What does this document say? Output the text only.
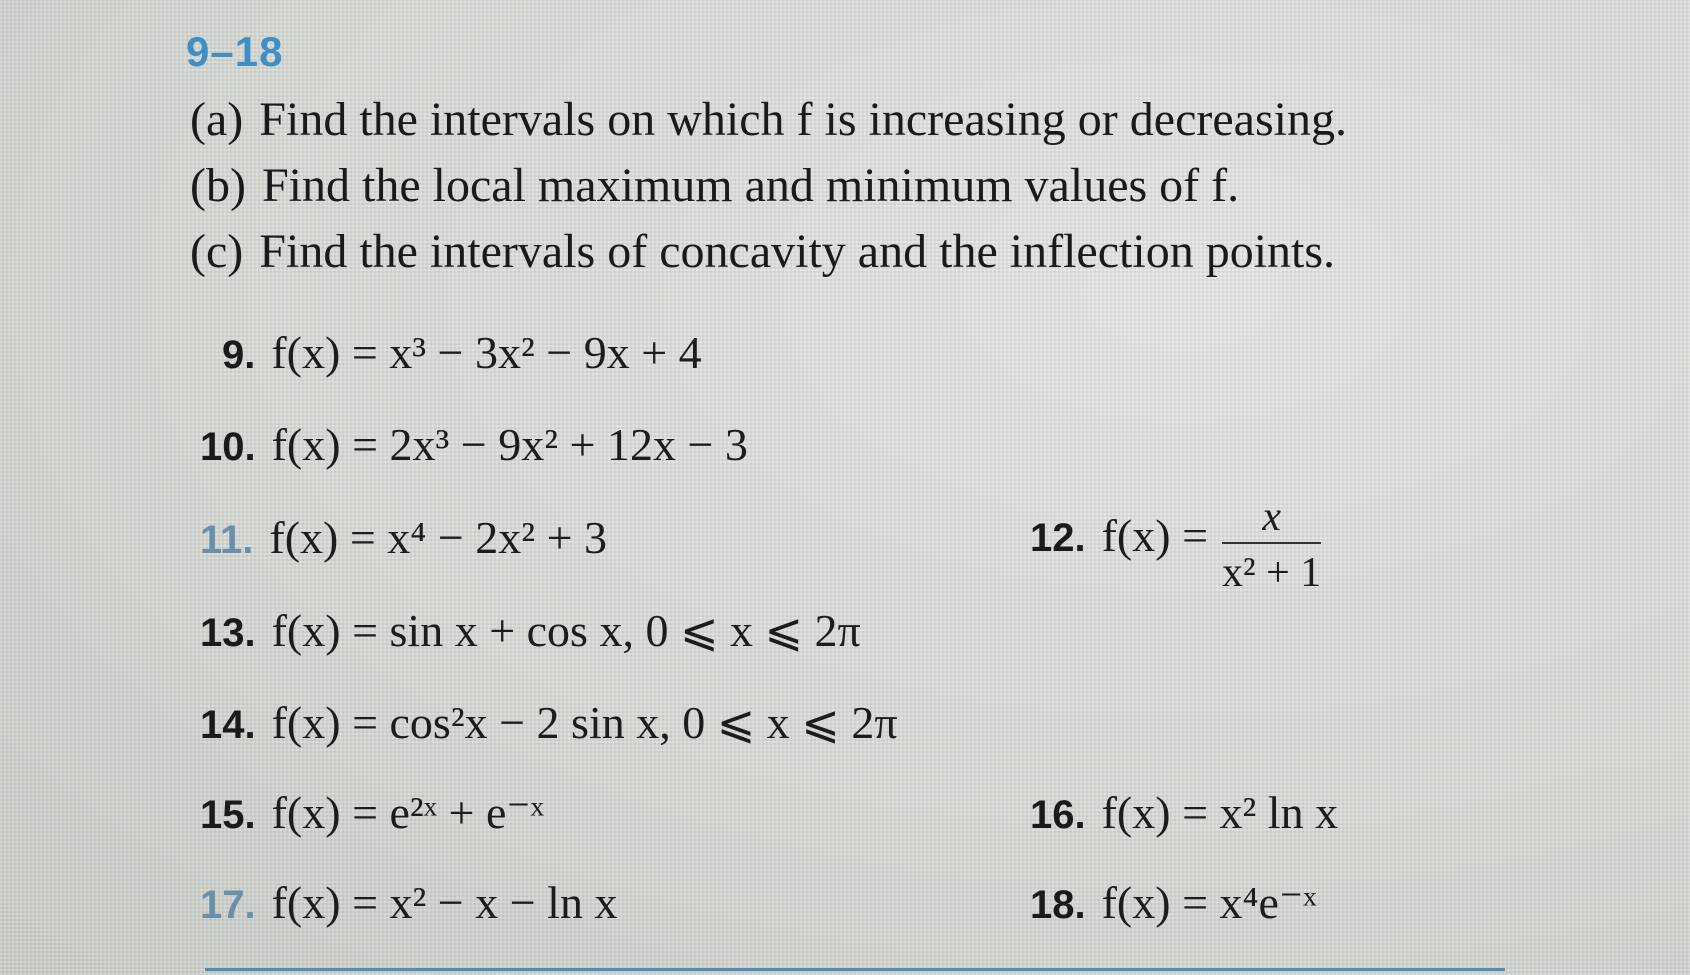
9–18
(a) Find the intervals on which f is increasing or decreasing.
(b) Find the local maximum and minimum values of f.
(c) Find the intervals of concavity and the inflection points.
9. f(x) = x³ − 3x² − 9x + 4
10. f(x) = 2x³ − 9x² + 12x − 3
11. f(x) = x⁴ − 2x² + 3	12. $f(x) = \frac{x}{\text{x² + 1}}$
13. f(x) = sin x + cos x, 0 ⩽ x ⩽ 2π
14. f(x) = cos²x − 2 sin x, 0 ⩽ x ⩽ 2π
15. f(x) = e²ˣ + e⁻ˣ	16. f(x) = x² ln x
17. f(x) = x² − x − ln x	18. f(x) = x⁴e⁻ˣ
